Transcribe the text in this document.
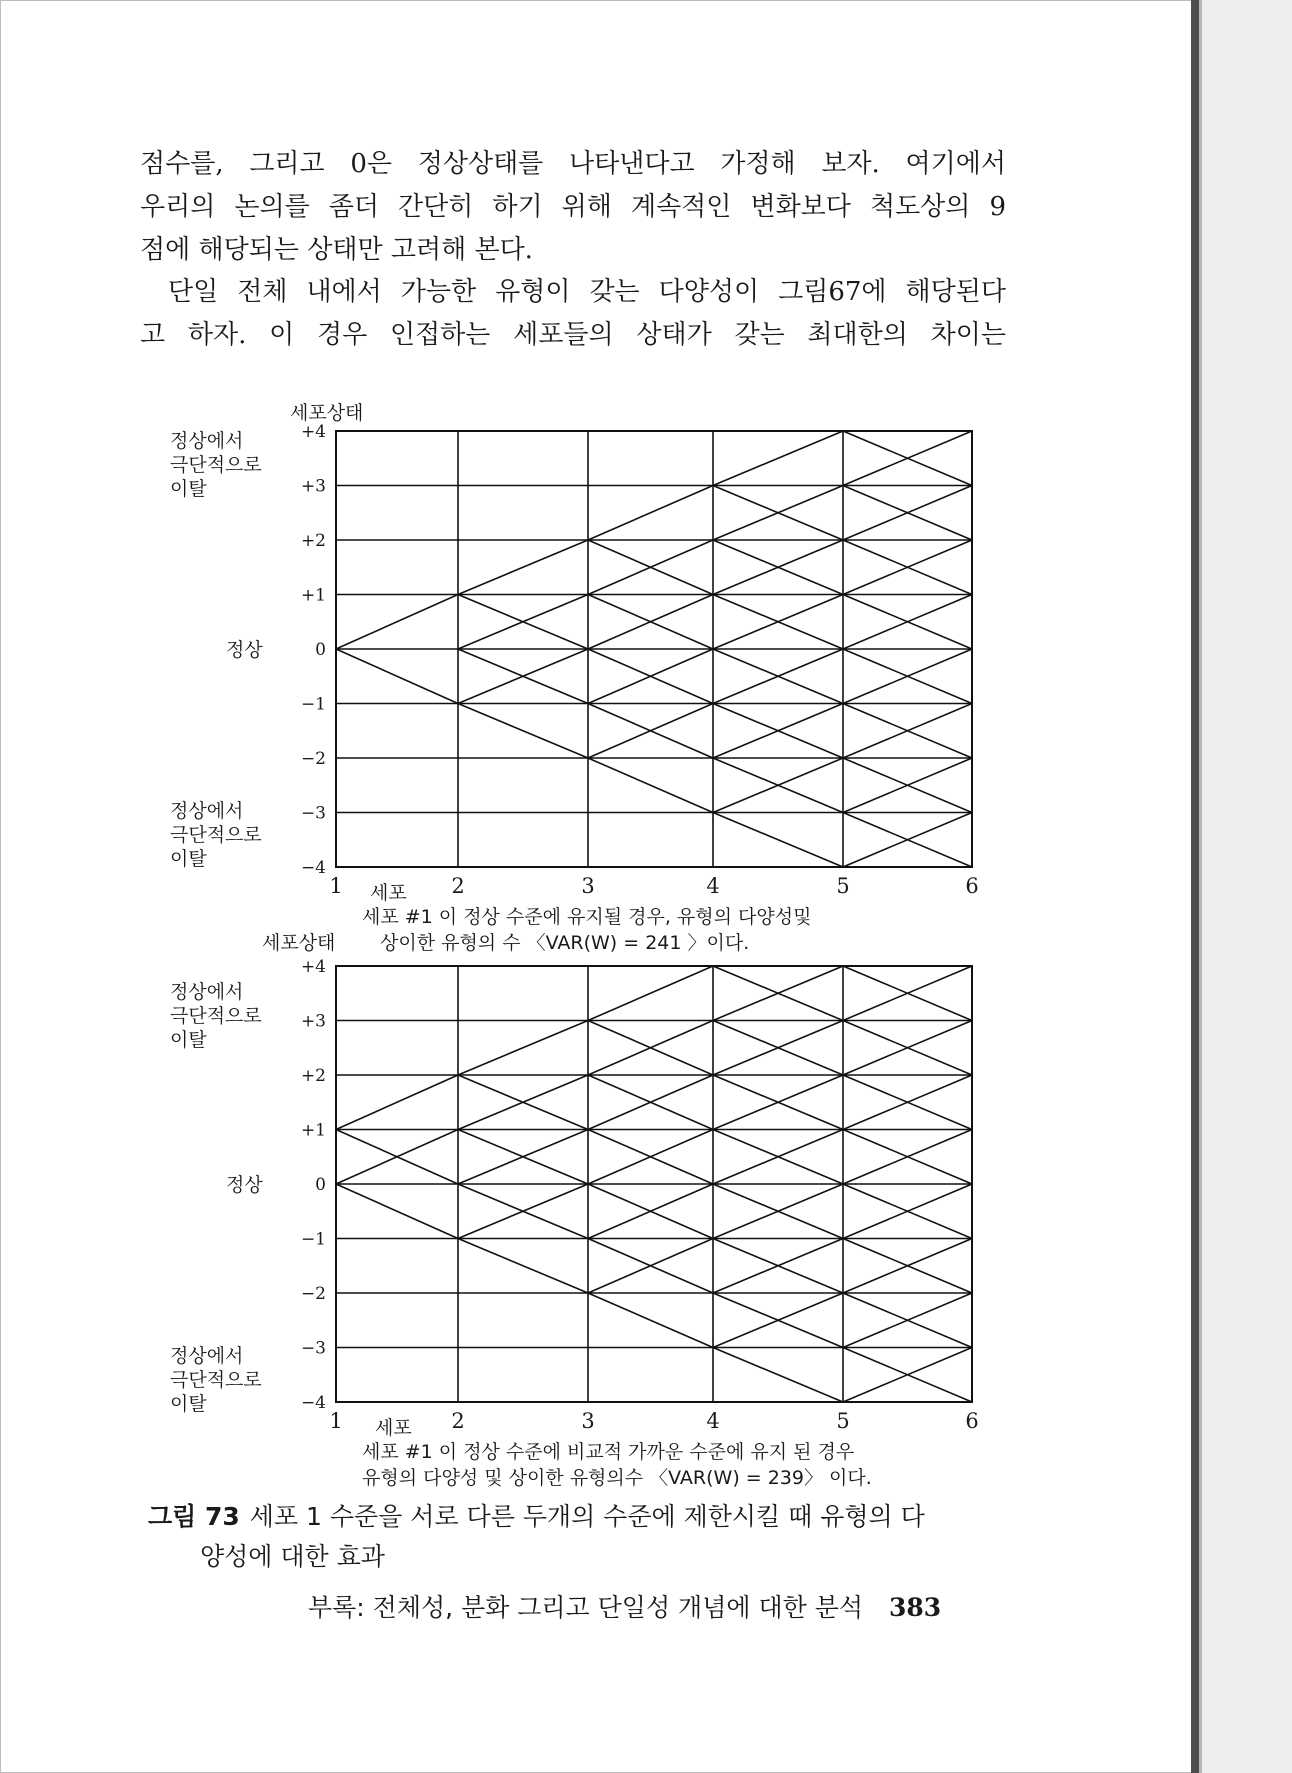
점수를, 그리고 0은 정상상태를 나타낸다고 가정해 보자. 여기에서

우리의 논의를 좀더 간단히 하기 위해 계속적인 변화보다 척도상의 9

점에 해당되는 상태만 고려해 본다.

단일 전체 내에서 가능한 유형이 갖는 다양성이 그림67에 해당된다

고 하자. 이 경우 인접하는 세포들의 상태가 갖는 최대한의 차이는

+4
+3
+2
+1
0
−1
−2
−3
−4
1	2	3	4	5	6
세포상태
세포
정상에서
극단적으로
이탈
정상
정상에서
극단적으로
이탈
세포 #1 이 정상 수준에 유지될 경우, 유형의 다양성및
상이한 유형의 수 〈VAR(W) = 241 〉이다.
세포상태
+4
+3
+2
+1
0
−1
−2
−3
−4
1	2	3	4	5	6
세포
정상에서
극단적으로
이탈
정상
정상에서
극단적으로
이탈
세포 #1 이 정상 수준에 비교적 가까운 수준에 유지 된 경우
유형의 다양성 및 상이한 유형의수 〈VAR(W) = 239〉 이다.
그림 73 세포 1 수준을 서로 다른 두개의 수준에 제한시킬 때 유형의 다
양성에 대한 효과

부록: 전체성, 분화 그리고 단일성 개념에 대한 분석 383
